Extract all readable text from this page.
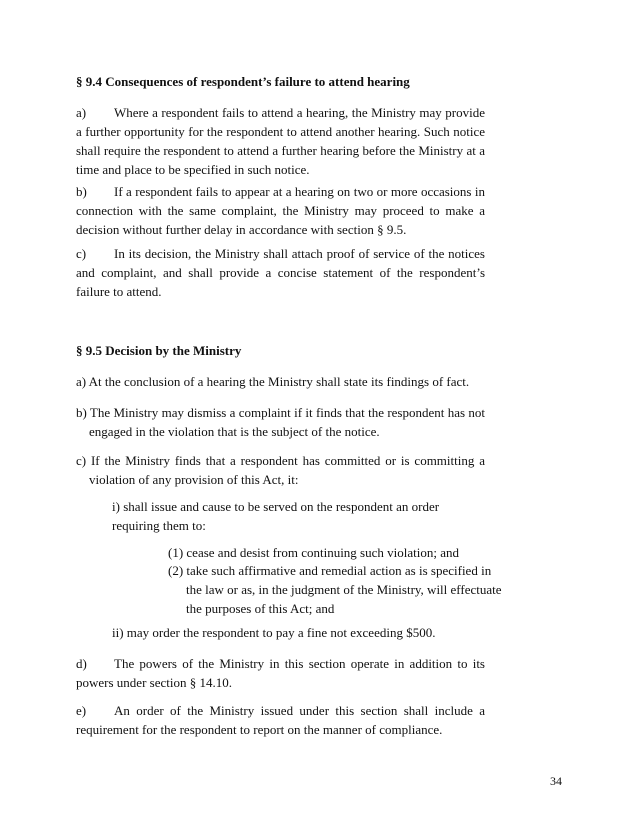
§ 9.4 Consequences of respondent’s failure to attend hearing
a) Where a respondent fails to attend a hearing, the Ministry may provide a further opportunity for the respondent to attend another hearing. Such notice shall require the respondent to attend a further hearing before the Ministry at a time and place to be specified in such notice.
b) If a respondent fails to appear at a hearing on two or more occasions in connection with the same complaint, the Ministry may proceed to make a decision without further delay in accordance with section § 9.5.
c) In its decision, the Ministry shall attach proof of service of the notices and complaint, and shall provide a concise statement of the respondent’s failure to attend.
§ 9.5 Decision by the Ministry
a) At the conclusion of a hearing the Ministry shall state its findings of fact.
b) The Ministry may dismiss a complaint if it finds that the respondent has not engaged in the violation that is the subject of the notice.
c) If the Ministry finds that a respondent has committed or is committing a violation of any provision of this Act, it:
i) shall issue and cause to be served on the respondent an order requiring them to:
(1) cease and desist from continuing such violation; and
(2) take such affirmative and remedial action as is specified in the law or as, in the judgment of the Ministry, will effectuate the purposes of this Act; and
ii) may order the respondent to pay a fine not exceeding $500.
d) The powers of the Ministry in this section operate in addition to its powers under section § 14.10.
e) An order of the Ministry issued under this section shall include a requirement for the respondent to report on the manner of compliance.
34
